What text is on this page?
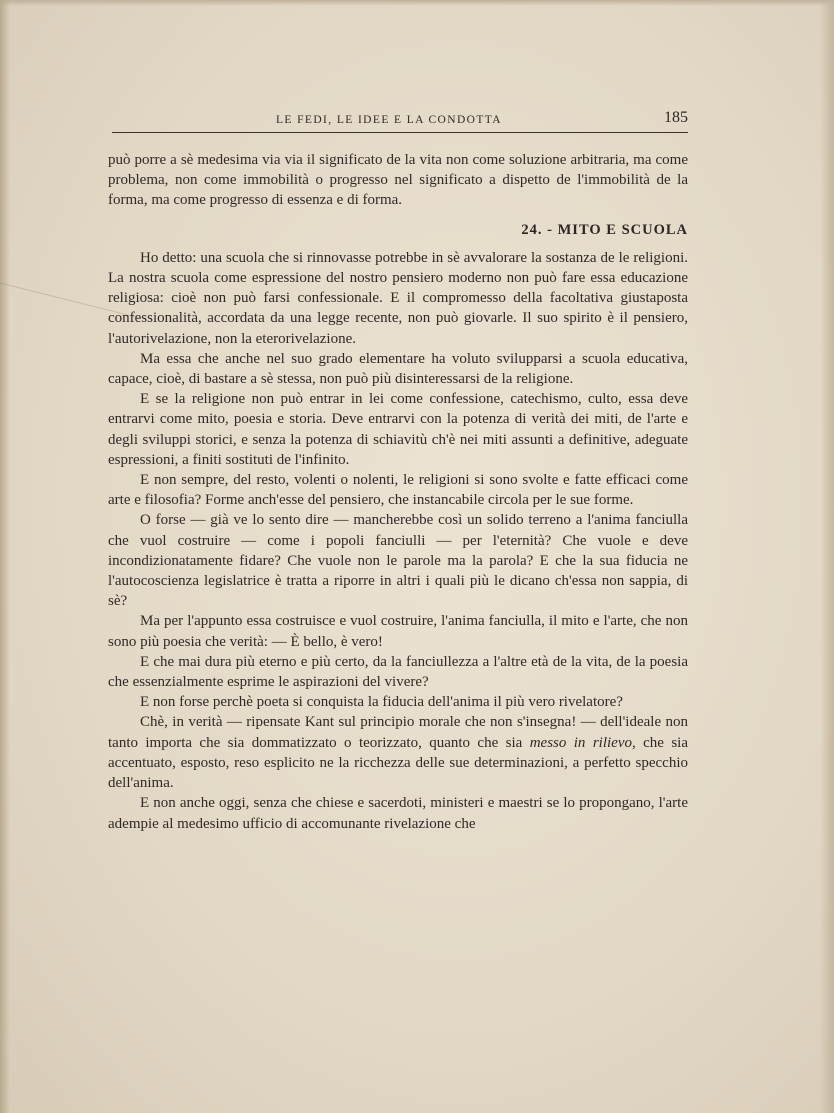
LE FEDI, LE IDEE E LA CONDOTTA	185

può porre a sè medesima via via il significato de la vita non come soluzione arbitraria, ma come problema, non come immobilità o progresso nel significato a dispetto de l'immobilità de la forma, ma come progresso di essenza e di forma.

24. - MITO E SCUOLA

Ho detto: una scuola che si rinnovasse potrebbe in sè avvalorare la sostanza de le religioni. La nostra scuola come espressione del nostro pensiero moderno non può fare essa educazione religiosa: cioè non può farsi confessionale. E il compromesso della facoltativa giustaposta confessionalità, accordata da una legge recente, non può giovarle. Il suo spirito è il pensiero, l'autorivelazione, non la eterorivelazione.

Ma essa che anche nel suo grado elementare ha voluto svilupparsi a scuola educativa, capace, cioè, di bastare a sè stessa, non può più disinteressarsi de la religione.

E se la religione non può entrar in lei come confessione, catechismo, culto, essa deve entrarvi come mito, poesia e storia. Deve entrarvi con la potenza di verità dei miti, de l'arte e degli sviluppi storici, e senza la potenza di schiavitù ch'è nei miti assunti a definitive, adeguate espressioni, a finiti sostituti de l'infinito.

E non sempre, del resto, volenti o nolenti, le religioni si sono svolte e fatte efficaci come arte e filosofia? Forme anch'esse del pensiero, che instancabile circola per le sue forme.

O forse — già ve lo sento dire — mancherebbe così un solido terreno a l'anima fanciulla che vuol costruire — come i popoli fanciulli — per l'eternità? Che vuole e deve incondizionatamente fidare? Che vuole non le parole ma la parola? E che la sua fiducia ne l'autocoscienza legislatrice è tratta a riporre in altri i quali più le dicano ch'essa non sappia, di sè?

Ma per l'appunto essa costruisce e vuol costruire, l'anima fanciulla, il mito e l'arte, che non sono più poesia che verità: — È bello, è vero!

E che mai dura più eterno e più certo, da la fanciullezza a l'altre età de la vita, de la poesia che essenzialmente esprime le aspirazioni del vivere?

E non forse perchè poeta si conquista la fiducia dell'anima il più vero rivelatore?

Chè, in verità — ripensate Kant sul principio morale che non s'insegna! — dell'ideale non tanto importa che sia dommatizzato o teorizzato, quanto che sia messo in rilievo, che sia accentuato, esposto, reso esplicito ne la ricchezza delle sue determinazioni, a perfetto specchio dell'anima.

E non anche oggi, senza che chiese e sacerdoti, ministeri e maestri se lo propongano, l'arte adempie al medesimo ufficio di accomunante rivelazione che
